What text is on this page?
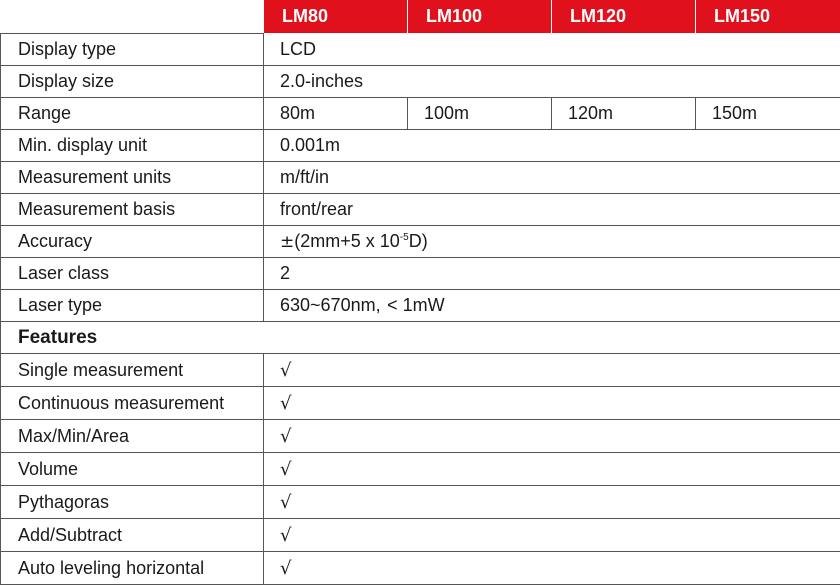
	LM80	LM100	LM120	LM150
Display type	LCD			
Display size	2.0-inches			
Range	80m	100m	120m	150m
Min. display unit	0.001m			
Measurement units	m/ft/in			
Measurement basis	front/rear			
Accuracy	±(2mm+5 x $10^{-5}D$)			
Laser class	2			
Laser type	630~670nm,  < 1mW			
Features				
Single measurement	√			
Continuous measurement	√			
Max/Min/Area	√			
Volume	√			
Pythagoras	√			
Add/Subtract	√			
Auto leveling horizontal	√			
